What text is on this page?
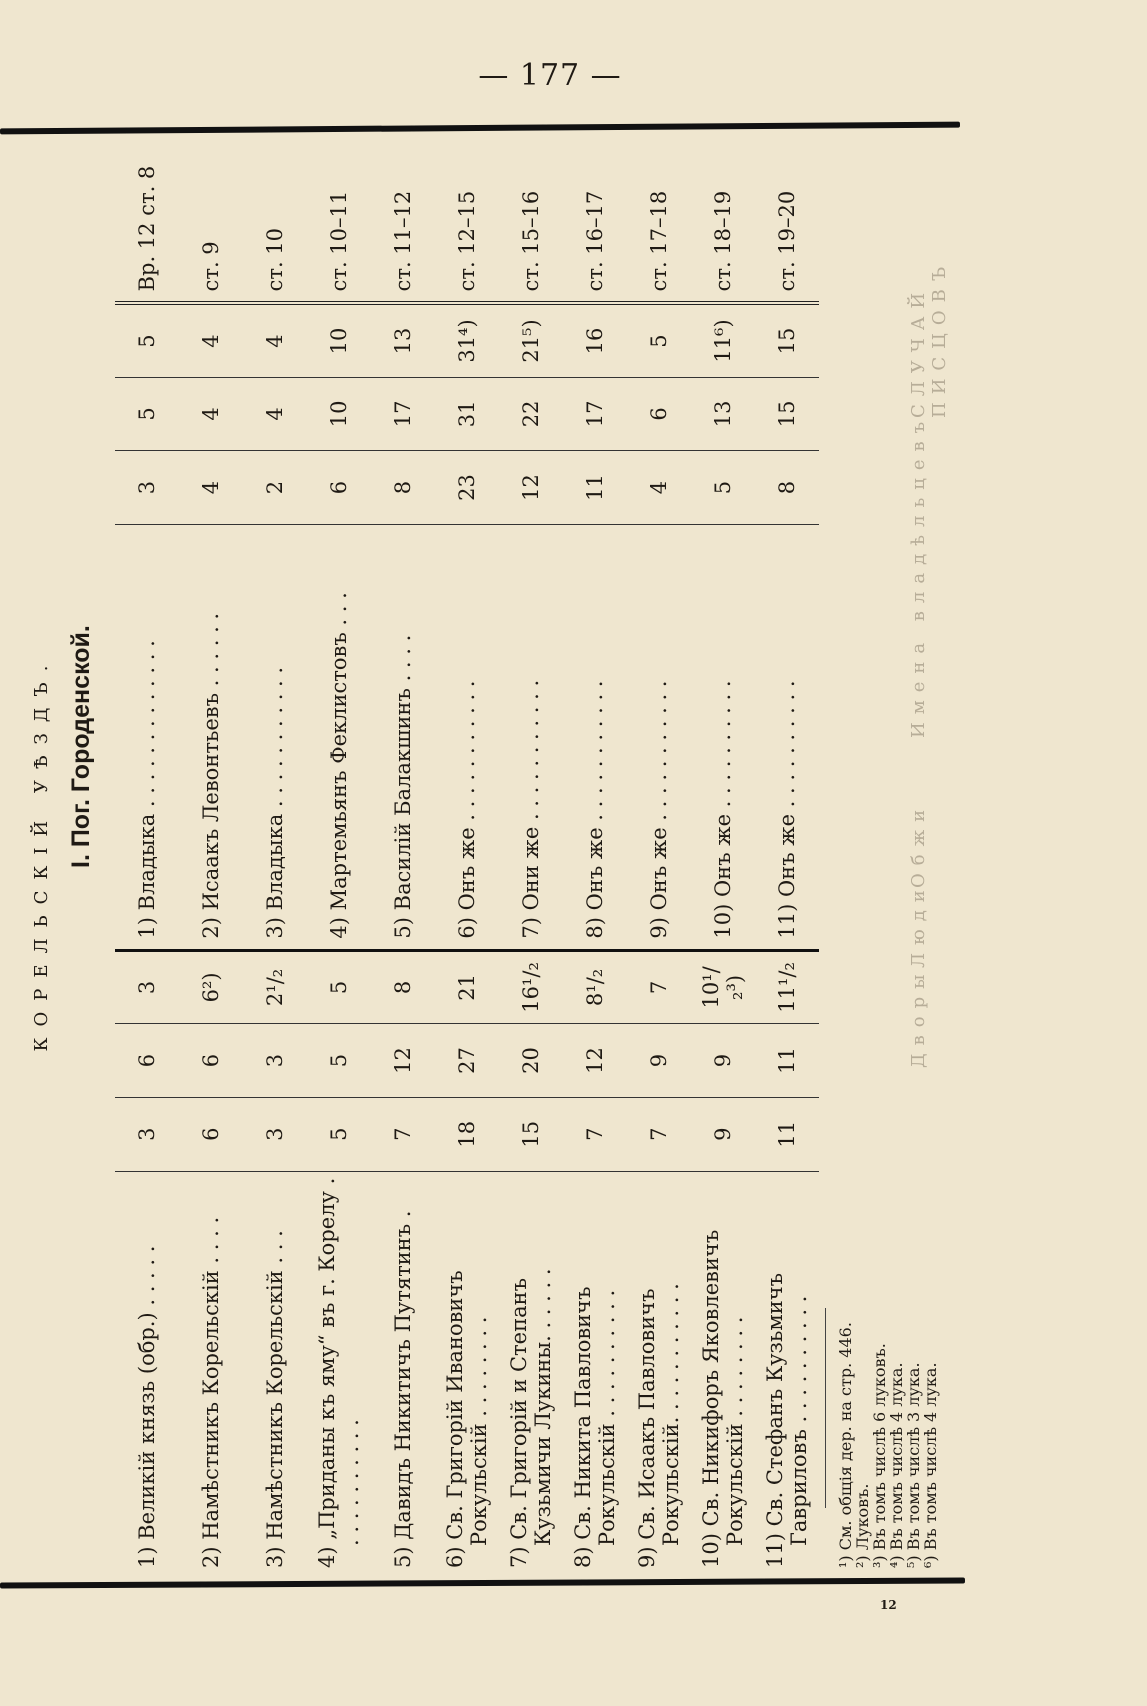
— 177 —
КОРЕЛЬСКІЙ УѢЗДЪ. I. Пог. Городенской.
1) Великій князь (обр.) . . . . .	3	6	3	1) Владыка . . . . . . . . . . . . .	3	5	5	Вр. 12 ст. 8
2) Намѣстникъ Корельскій . . . .	6	6	6²)	2) Исаакъ Левонтьевъ . . . . . .	4	4	4	ст. 9
3) Намѣстникъ Корельскій . . .	3	3	2¹/₂	3) Владыка . . . . . . . . . . .	2	4	4	ст. 10
4) „Приданы къ яму“ въ г. Корелу . . . . . . . . . . .	5	5	5	4) Мартемьянъ Феклистовъ . . .	6	10	10	ст. 10–11
5) Давидъ Никитичъ Путятинъ .	7	12	8	5) Василій Балакшинъ . . . .	8	17	13	ст. 11–12
6) Св. Григорій Ивановичъ Рокульскій . . . . . . . .	18	27	21	6) Онъ же . . . . . . . . . . .	23	31	31⁴)	ст. 12–15
7) Св. Григорій и Степанъ Кузьмичи Лукины. . . . . .	15	20	16¹/₂	7) Они же . . . . . . . . . . .	12	22	21⁵)	ст. 15–16
8) Св. Никита Павловичъ Рокульскій . . . . . . . . . .	7	12	8¹/₂	8) Онъ же . . . . . . . . . . .	11	17	16	ст. 16–17
9) Св. Исаакъ Павловичъ Рокульскій. . . . . . . . . . .	7	9	7	9) Онъ же . . . . . . . . . . .	4	6	5	ст. 17–18
10) Св. Никифоръ Яковлевичъ Рокульскій . . . . . . . .	9	9	10¹/₂³)	10) Онъ же . . . . . . . . . .	5	13	11⁶)	ст. 18–19
11) Св. Стефанъ Кузьмичъ Гавриловъ . . . . . . . . . .	11	11	11¹/₂	11) Онъ же . . . . . . . . . .	8	15	15	ст. 19–20
¹) См. общія дер. на стр. 446.
²) Луковъ.
³) Въ томъ числѣ 6 луковъ.
⁴) Въ томъ числѣ 4 лука.
⁵) Въ томъ числѣ 3 лука.
⁶) Въ томъ числѣ 4 лука.
Дворы
Люди
Обжи
Имена владѣльцевъ
СЛУЧАЙ ПИСЦОВЪ
12
